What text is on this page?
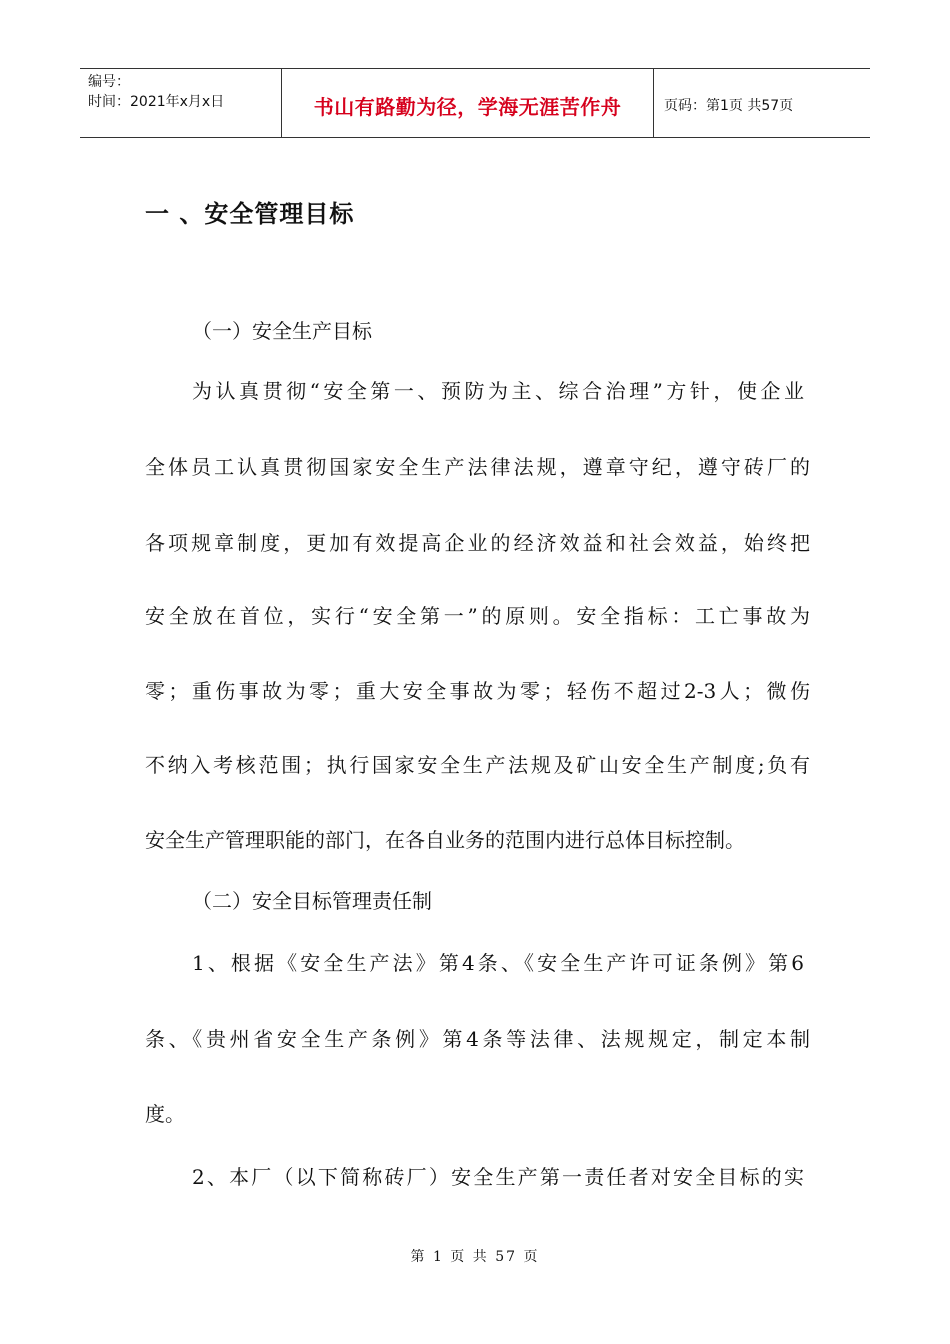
编号：
时间：2021年x月x日	书山有路勤为径，学海无涯苦作舟	页码：第1页 共57页
一 、安全管理目标

（一）安全生产目标

为认真贯彻“安全第一、预防为主、综合治理”方针，使企业

全体员工认真贯彻国家安全生产法律法规，遵章守纪，遵守砖厂的

各项规章制度，更加有效提高企业的经济效益和社会效益，始终把

安全放在首位，实行“安全第一”的原则。安全指标：工亡事故为

零；重伤事故为零；重大安全事故为零；轻伤不超过2-3人；微伤

不纳入考核范围；执行国家安全生产法规及矿山安全生产制度;负有

安全生产管理职能的部门，在各自业务的范围内进行总体目标控制。

（二）安全目标管理责任制

1、根据《安全生产法》第4条、《安全生产许可证条例》第6

条、《贵州省安全生产条例》第4条等法律、法规规定，制定本制

度。

2、本厂（以下简称砖厂）安全生产第一责任者对安全目标的实

第 1 页 共 57 页
